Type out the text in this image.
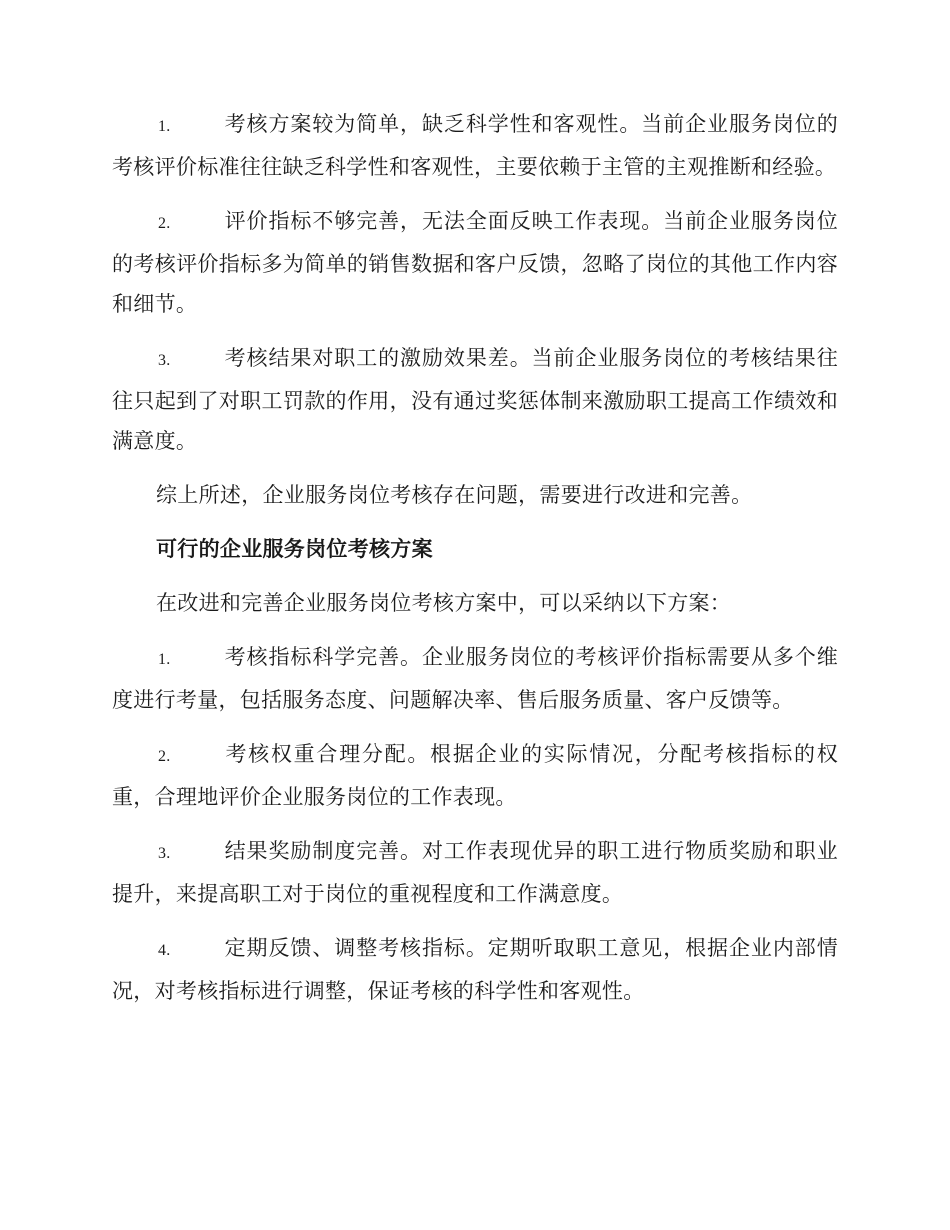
1.	考核方案较为简单，缺乏科学性和客观性。当前企业服务岗位的考核评价标准往往缺乏科学性和客观性，主要依赖于主管的主观推断和经验。
2.	评价指标不够完善，无法全面反映工作表现。当前企业服务岗位的考核评价指标多为简单的销售数据和客户反馈，忽略了岗位的其他工作内容和细节。
3.	考核结果对职工的激励效果差。当前企业服务岗位的考核结果往往只起到了对职工罚款的作用，没有通过奖惩体制来激励职工提高工作绩效和满意度。

综上所述，企业服务岗位考核存在问题，需要进行改进和完善。

可行的企业服务岗位考核方案

在改进和完善企业服务岗位考核方案中，可以采纳以下方案：

1.	考核指标科学完善。企业服务岗位的考核评价指标需要从多个维度进行考量，包括服务态度、问题解决率、售后服务质量、客户反馈等。
2.	考核权重合理分配。根据企业的实际情况，分配考核指标的权重，合理地评价企业服务岗位的工作表现。
3.	结果奖励制度完善。对工作表现优异的职工进行物质奖励和职业提升，来提高职工对于岗位的重视程度和工作满意度。
4.	定期反馈、调整考核指标。定期听取职工意见，根据企业内部情况，对考核指标进行调整，保证考核的科学性和客观性。
